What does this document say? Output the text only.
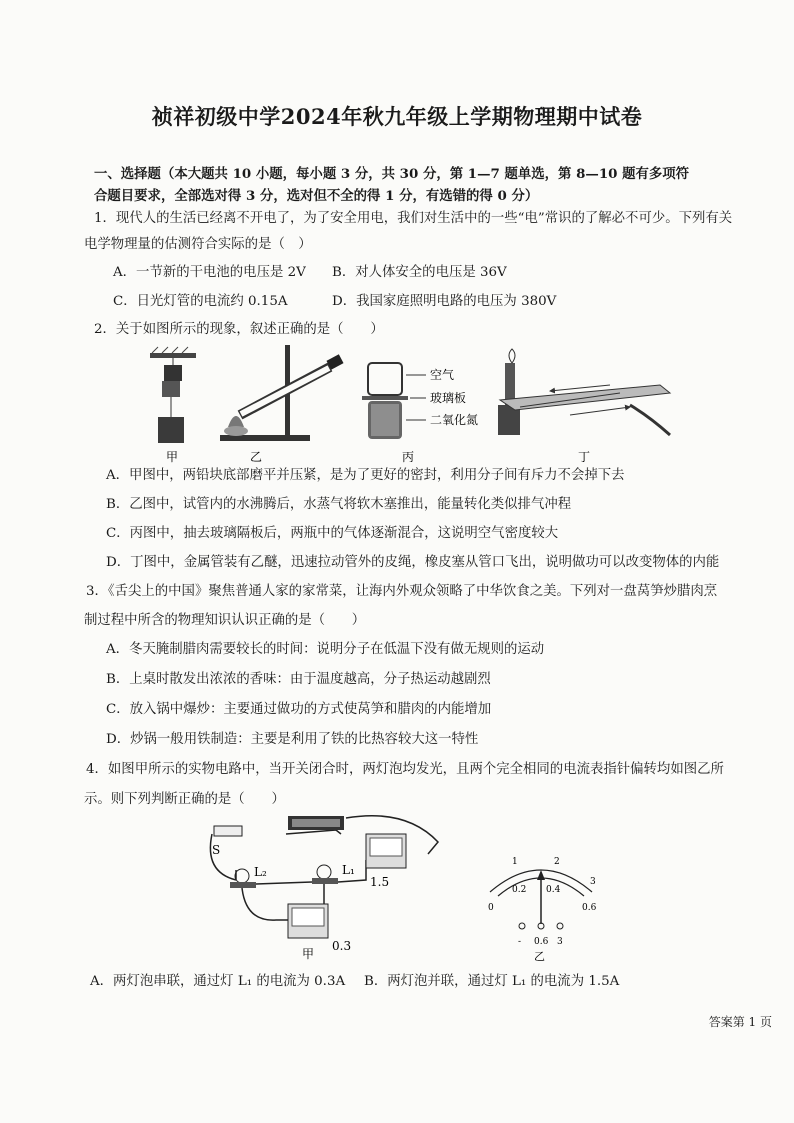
祯祥初级中学2024年秋九年级上学期物理期中试卷
一、选择题（本大题共 10 小题，每小题 3 分，共 30 分，第 1—7 题单选，第 8—10 题有多项符
合题目要求，全部选对得 3 分，选对但不全的得 1 分，有选错的得 0 分）
1．现代人的生活已经离不开电了，为了安全用电，我们对生活中的一些“电”常识的了解必不可少。下列有关
电学物理量的估测符合实际的是（　）
A．一节新的干电池的电压是 2V B．对人体安全的电压是 36V
C．日光灯管的电流约 0.15A	D．我国家庭照明电路的电压为 380V
2．关于如图所示的现象，叙述正确的是（　　）
空气
玻璃板
二氧化氮
甲	乙	丙	丁
A．甲图中，两铅块底部磨平并压紧，是为了更好的密封，利用分子间有斥力不会掉下去
B．乙图中，试管内的水沸腾后，水蒸气将软木塞推出，能量转化类似排气冲程
C．丙图中，抽去玻璃隔板后，两瓶中的气体逐渐混合，这说明空气密度较大
D．丁图中，金属管装有乙醚，迅速拉动管外的皮绳，橡皮塞从管口飞出，说明做功可以改变物体的内能
3．《舌尖上的中国》聚焦普通人家的家常菜，让海内外观众领略了中华饮食之美。下列对一盘莴笋炒腊肉烹
制过程中所含的物理知识认识正确的是（　　）
A．冬天腌制腊肉需要较长的时间：说明分子在低温下没有做无规则的运动
B．上桌时散发出浓浓的香味：由于温度越高，分子热运动越剧烈
C．放入锅中爆炒：主要通过做功的方式使莴笋和腊肉的内能增加
D．炒锅一般用铁制造：主要是利用了铁的比热容较大这一特性
4．如图甲所示的实物电路中，当开关闭合时，两灯泡均发光，且两个完全相同的电流表指针偏转均如图乙所
示。则下列判断正确的是（　　）
S
L₂	L₁
1.5
0.3
甲
0
0.2 0.4
0.6
1	2
3
- 0.6 3
乙
A．两灯泡串联，通过灯 L₁ 的电流为 0.3A B．两灯泡并联，通过灯 L₁ 的电流为 1.5A
答案第 1 页
